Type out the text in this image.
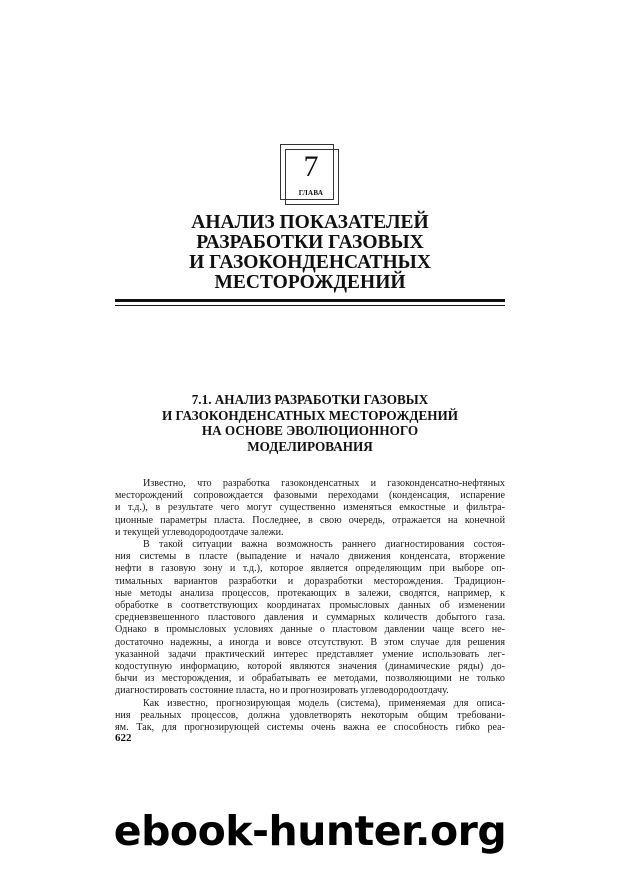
7
ГЛАВА
АНАЛИЗ ПОКАЗАТЕЛЕЙ
РАЗРАБОТКИ ГАЗОВЫХ
И ГАЗОКОНДЕНСАТНЫХ
МЕСТОРОЖДЕНИЙ
7.1. АНАЛИЗ РАЗРАБОТКИ ГАЗОВЫХ
И ГАЗОКОНДЕНСАТНЫХ МЕСТОРОЖДЕНИЙ
НА ОСНОВЕ ЭВОЛЮЦИОННОГО
МОДЕЛИРОВАНИЯ
Известно, что разработка газоконденсатных и газоконденсатно-нефтяных
месторождений сопровождается фазовыми переходами (конденсация, испарение
и т.д.), в результате чего могут существенно изменяться емкостные и фильтра-
ционные параметры пласта. Последнее, в свою очередь, отражается на конечной
и текущей углеводородоотдаче залежи.
В такой ситуации важна возможность раннего диагностирования состоя-
ния системы в пласте (выпадение и начало движения конденсата, вторжение
нефти в газовую зону и т.д.), которое является определяющим при выборе оп-
тимальных вариантов разработки и доразработки месторождения. Традицион-
ные методы анализа процессов, протекающих в залежи, сводятся, например, к
обработке в соответствующих координатах промысловых данных об изменении
средневзвешенного пластового давления и суммарных количеств добытого газа.
Однако в промысловых условиях данные о пластовом давлении чаще всего не-
достаточно надежны, а иногда и вовсе отсутствуют. В этом случае для решения
указанной задачи практический интерес представляет умение использовать лег-
кодоступную информацию, которой являются значения (динамические ряды) до-
бычи из месторождения, и обрабатывать ее методами, позволяющими не только
диагностировать состояние пласта, но и прогнозировать углеводородоотдачу.
Как известно, прогнозирующая модель (система), применяемая для описа-
ния реальных процессов, должна удовлетворять некоторым общим требовани-
ям. Так, для прогнозирующей системы очень важна ее способность гибко реа-
622
ebook-hunter.org
